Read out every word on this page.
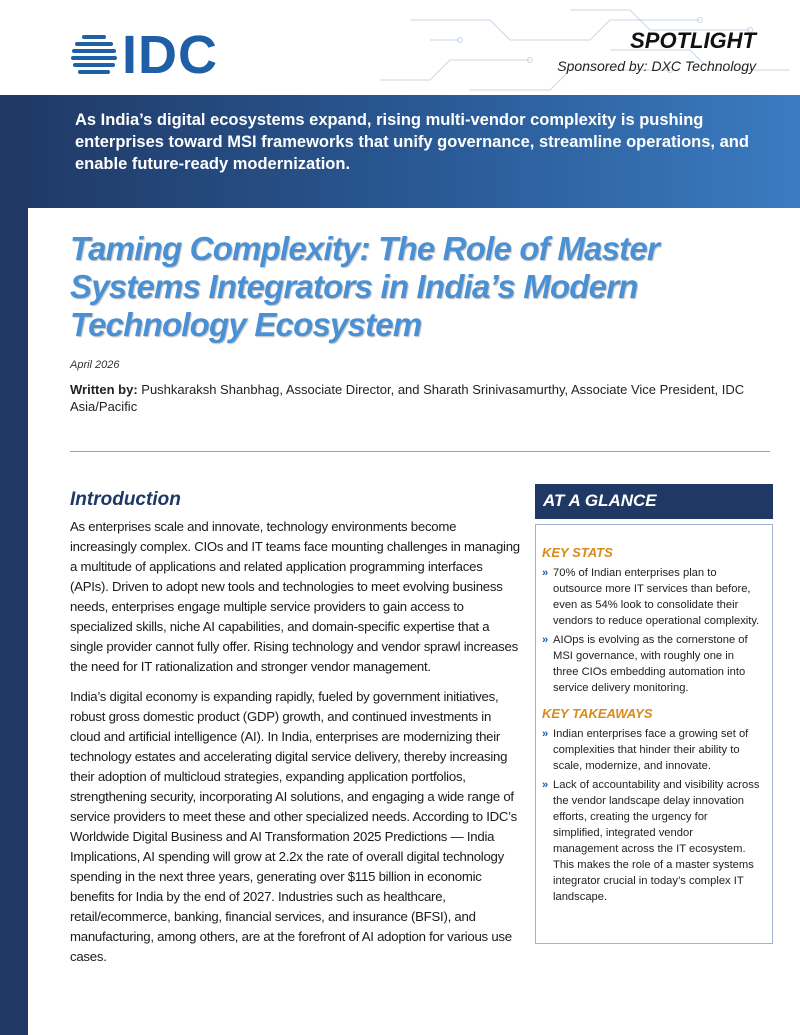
IDC	SPOTLIGHT
Sponsored by: DXC Technology
As India’s digital ecosystems expand, rising multi-vendor complexity is pushing enterprises toward MSI frameworks that unify governance, streamline operations, and enable future-ready modernization.
Taming Complexity: The Role of Master Systems Integrators in India’s Modern Technology Ecosystem
April 2026
Written by: Pushkaraksh Shanbhag, Associate Director, and Sharath Srinivasamurthy, Associate Vice President, IDC Asia/Pacific
Introduction

As enterprises scale and innovate, technology environments become increasingly complex. CIOs and IT teams face mounting challenges in managing a multitude of applications and related application programming interfaces (APIs). Driven to adopt new tools and technologies to meet evolving business needs, enterprises engage multiple service providers to gain access to specialized skills, niche AI capabilities, and domain-specific expertise that a single provider cannot fully offer. Rising technology and vendor sprawl increases the need for IT rationalization and stronger vendor management.

India’s digital economy is expanding rapidly, fueled by government initiatives, robust gross domestic product (GDP) growth, and continued investments in cloud and artificial intelligence (AI). In India, enterprises are modernizing their technology estates and accelerating digital service delivery, thereby increasing their adoption of multicloud strategies, expanding application portfolios, strengthening security, incorporating AI solutions, and engaging a wide range of service providers to meet these and other specialized needs. According to IDC’s Worldwide Digital Business and AI Transformation 2025 Predictions — India Implications, AI spending will grow at 2.2x the rate of overall digital technology spending in the next three years, generating over $115 billion in economic benefits for India by the end of 2027. Industries such as healthcare, retail/ecommerce, banking, financial services, and insurance (BFSI), and manufacturing, among others, are at the forefront of AI adoption for various use cases.

AT A GLANCE
KEY STATS
» 70% of Indian enterprises plan to outsource more IT services than before, even as 54% look to consolidate their vendors to reduce operational complexity.
» AIOps is evolving as the cornerstone of MSI governance, with roughly one in three CIOs embedding automation into service delivery monitoring.
KEY TAKEAWAYS
» Indian enterprises face a growing set of complexities that hinder their ability to scale, modernize, and innovate.
» Lack of accountability and visibility across the vendor landscape delay innovation efforts, creating the urgency for simplified, integrated vendor management across the IT ecosystem. This makes the role of a master systems integrator crucial in today’s complex IT landscape.
